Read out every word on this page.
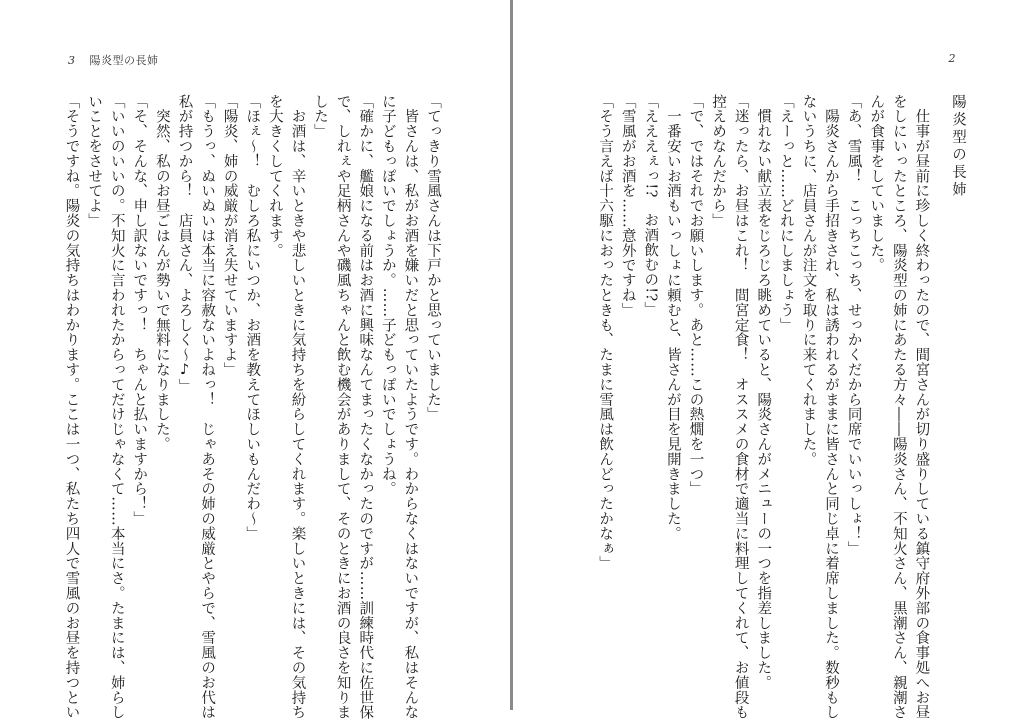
3 陽炎型の長姉
「てっきり雪風さんは下戸かと思っていました」
　皆さんは、私がお酒を嫌いだと思っていたようです。わからなくはないですが、私はそんな
に子どもっぽいでしょうか。……子どもっぽいでしょうね。
「確かに、艦娘になる前はお酒に興味なんてまったくなかったのですが……訓練時代に佐世保
で、しれぇや足柄さんや磯風ちゃんと飲む機会がありまして、そのときにお酒の良さを知りま
した」
　お酒は、辛いときや悲しいときに気持ちを紛らしてくれます。楽しいときには、その気持ち
を大きくしてくれます。
「ほぇ〜！　むしろ私にいつか、お酒を教えてほしいもんだわ〜」
「陽炎、姉の威厳が消え失せていますよ」
「もうっ、ぬいぬいは本当に容赦ないよねっ！　じゃあその姉の威厳とやらで、雪風のお代は
私が持つから！　店員さん、よろしく〜♪」
　突然、私のお昼ごはんが勢いで無料になりました。
「そ、そんな、申し訳ないですっ！　ちゃんと払いますから！」
「いいのいいの。不知火に言われたからってだけじゃなくて……本当にさ。たまには、姉らし
いことをさせてよ」
「そうですね。陽炎の気持ちはわかります。ここは一つ、私たち四人で雪風のお昼を持つとい
2
陽炎型の長姉
　仕事が昼前に珍しく終わったので、間宮さんが切り盛りしている鎮守府外部の食事処へお昼
をしにいったところ、陽炎型の姉にあたる方々――陽炎さん、不知火さん、黒潮さん、親潮さ
んが食事をしていました。
「あ、雪風！　こっちこっち、せっかくだから同席でいいっしょ！」
　陽炎さんから手招きされ、私は誘われるがままに皆さんと同じ卓に着席しました。数秒もし
ないうちに、店員さんが注文を取りに来てくれました。
「えーっと……どれにしましょう」
　慣れない献立表をじろじろ眺めていると、陽炎さんがメニューの一つを指差しました。
「迷ったら、お昼はこれ！　間宮定食！　オススメの食材で適当に料理してくれて、お値段も
控えめなんだから」
「で、ではそれでお願いします。あと……この熱燗を一つ」
　一番安いお酒もいっしょに頼むと、皆さんが目を見開きました。
「えええぇっ!?　お酒飲むの!?」
「雪風がお酒を……意外ですね」
「そう言えば十六駆におったときも、たまに雪風は飲んどったかなぁ」
